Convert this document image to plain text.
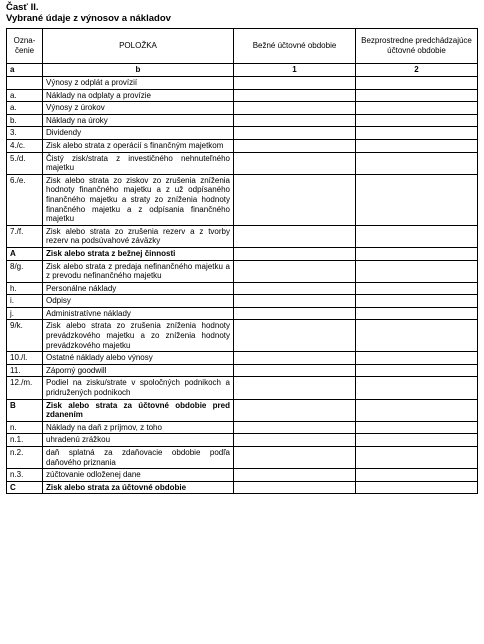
Časť II.
Vybrané údaje z výnosov a nákladov
Ozna-
čenie	POLOŽKA	Bežné účtovné obdobie	Bezprostredne predchádzajúce účtovné obdobie
a	b	1	2
	Výnosy z odplát a provízií		
a.	Náklady na odplaty a provízie		
a.	Výnosy z úrokov		
b.	Náklady na úroky		
3.	Dividendy		
4./c.	Zisk alebo strata z operácií s finančným majetkom		
5./d.	Čistý zisk/strata z investičného nehnuteľného majetku		
6./e.	Zisk alebo strata zo ziskov zo zrušenia zníženia hodnoty finančného majetku a z už odpísaného finančného majetku a straty zo zníženia hodnoty finančného majetku a z odpísania finančného majetku		
7./f.	Zisk alebo strata zo zrušenia rezerv a z tvorby rezerv na podsúvahové záväzky		
A	Zisk alebo strata z bežnej činnosti		
8/g.	Zisk alebo strata z predaja nefinančného majetku a z prevodu nefinančného majetku		
h.	Personálne náklady		
i.	Odpisy		
j.	Administratívne náklady		
9/k.	Zisk alebo strata zo zrušenia zníženia hodnoty prevádzkového majetku a zo zníženia hodnoty prevádzkového majetku		
10./l.	Ostatné náklady alebo výnosy		
11.	Záporný goodwill		
12./m.	Podiel na zisku/strate v spoločných podnikoch a pridružených podnikoch		
B	Zisk alebo strata za účtovné obdobie pred zdanením		
n.	Náklady na daň z príjmov, z toho		
n.1.	uhradenú zrážkou		
n.2.	daň splatná za zdaňovacie obdobie podľa daňového priznania		
n.3.	zúčtovanie odloženej dane		
C	Zisk alebo strata za účtovné obdobie		
